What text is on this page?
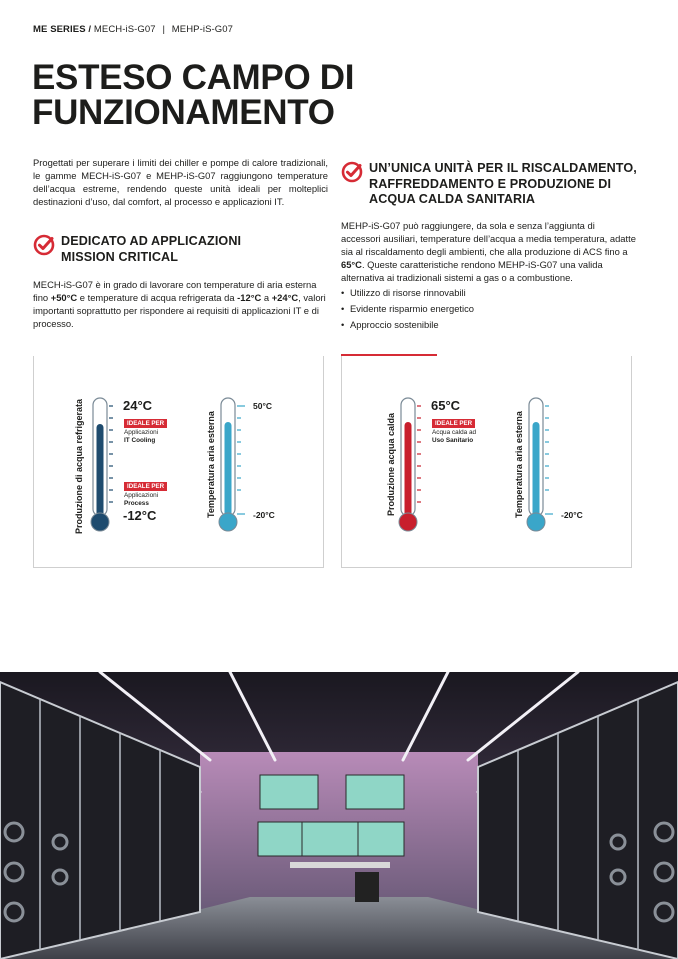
ME SERIES / MECH-iS-G07 | MEHP-iS-G07
ESTESO CAMPO DI
FUNZIONAMENTO

Progettati per superare i limiti dei chiller e pompe di calore tradizionali, le gamme MECH-iS-G07 e MEHP-iS-G07 raggiungono temperature dell’acqua estreme, rendendo queste unità ideali per molteplici destinazioni d’uso, dal comfort, al processo e applicazioni IT.

DEDICATO AD APPLICAZIONI
MISSION CRITICAL

MECH-iS-G07 è in grado di lavorare con temperature di aria esterna fino +50°C e temperature di acqua refrigerata da -12°C a +24°C, valori importanti soprattutto per rispondere ai requisiti di applicazioni IT e di processo.

UN’UNICA UNITÀ PER IL RISCALDAMENTO,
RAFFREDDAMENTO E PRODUZIONE DI
ACQUA CALDA SANITARIA

MEHP-iS-G07 può raggiungere, da sola e senza l’aggiunta di accessori ausiliari, temperature dell’acqua a media temperatura, adatte sia al riscaldamento degli ambienti, che alla produzione di ACS fino a 65°C. Queste caratteristiche rendono MEHP-iS-G07 una valida alternativa ai tradizionali sistemi a gas o a combustione.

• Utilizzo di risorse rinnovabili
• Evidente risparmio energetico
• Approccio sostenibile
Produzione di acqua refrigerata	24°C
IDEALE PER
Applicazioni
IT Cooling
IDEALE PER
Applicazioni
Process
-12°C	Temperatura aria esterna
50°C
-20°C	Produzione acqua calda
65°C
IDEALE PER
Acqua calda ad
Uso Sanitario	Temperatura aria esterna	-20°C
